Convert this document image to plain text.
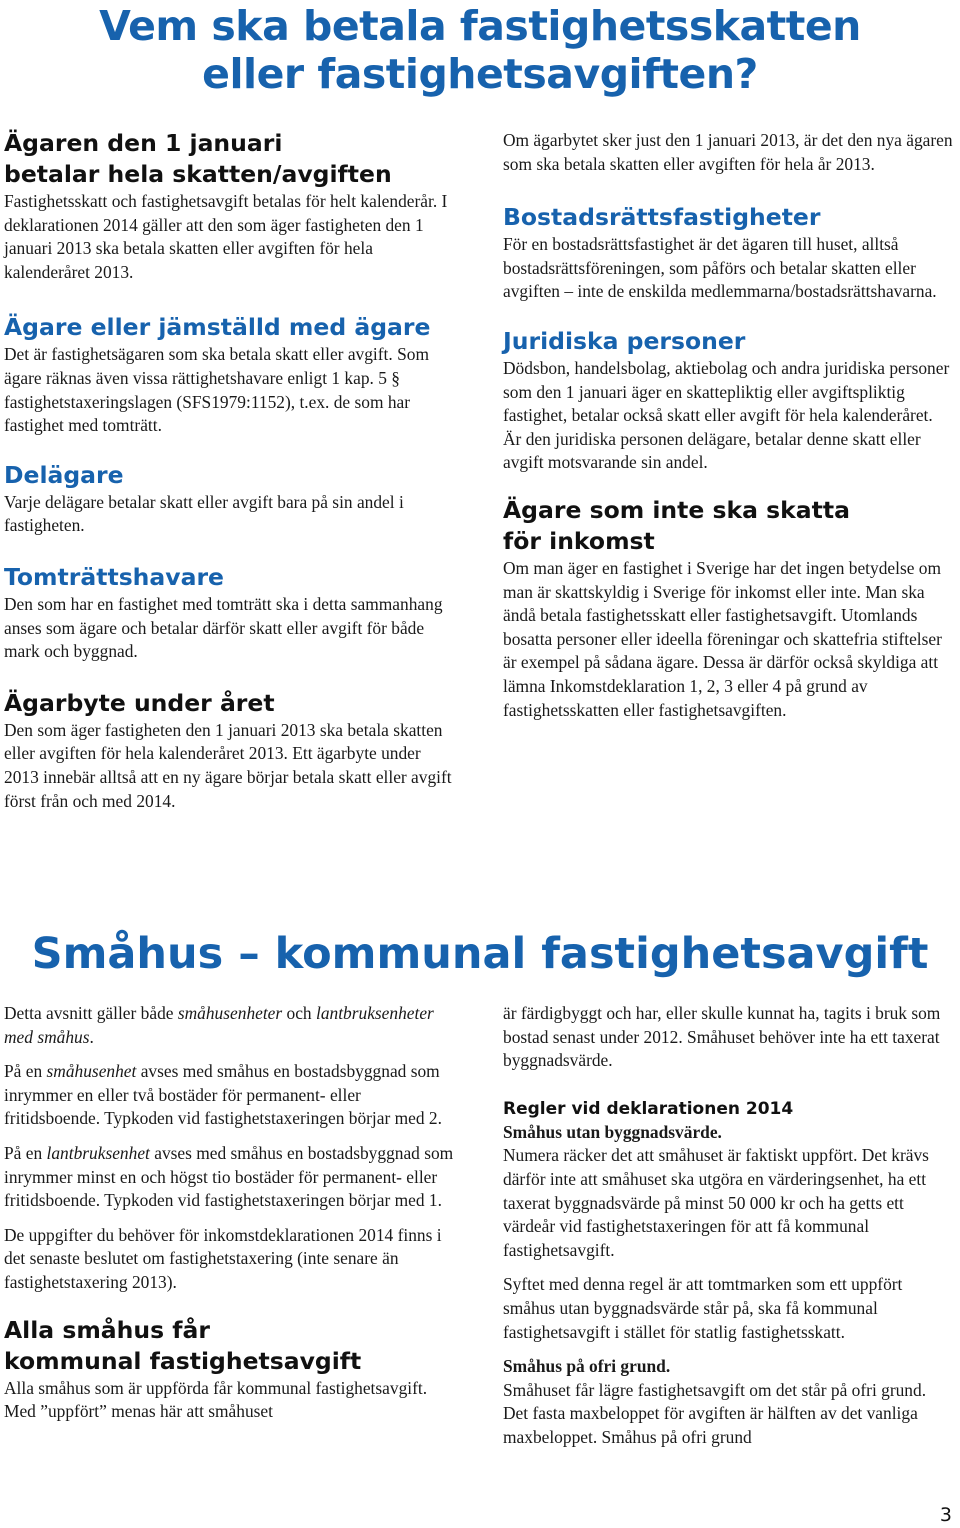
Vem ska betala fastighetsskatten
eller fastighetsavgiften?
Ägaren den 1 januari
betalar hela skatten/avgiften

Fastighetsskatt och fastighetsavgift betalas för helt kalenderår. I deklarationen 2014 gäller att den som äger fastigheten den 1 januari 2013 ska betala skatten eller avgiften för hela kalenderåret 2013.

Ägare eller jämställd med ägare

Det är fastighetsägaren som ska betala skatt eller avgift. Som ägare räknas även vissa rättighetshavare enligt 1 kap. 5 § fastighetstaxeringslagen (SFS1979:1152), t.ex. de som har fastighet med tomträtt.

Delägare

Varje delägare betalar skatt eller avgift bara på sin andel i fastigheten.

Tomträttshavare

Den som har en fastighet med tomträtt ska i detta sammanhang anses som ägare och betalar därför skatt eller avgift för både mark och byggnad.

Ägarbyte under året

Den som äger fastigheten den 1 januari 2013 ska betala skatten eller avgiften för hela kalenderåret 2013. Ett ägarbyte under 2013 innebär alltså att en ny ägare börjar betala skatt eller avgift först från och med 2014.

Om ägarbytet sker just den 1 januari 2013, är det den nya ägaren som ska betala skatten eller avgiften för hela år 2013.

Bostadsrättsfastigheter

För en bostadsrättsfastighet är det ägaren till huset, alltså bostadsrättsföreningen, som påförs och betalar skatten eller avgiften – inte de enskilda medlemmarna/bostadsrättshavarna.

Juridiska personer

Dödsbon, handelsbolag, aktiebolag och andra juridiska personer som den 1 januari äger en skattepliktig eller avgiftspliktig fastighet, betalar också skatt eller avgift för hela kalenderåret. Är den juridiska personen delägare, betalar denne skatt eller avgift motsvarande sin andel.

Ägare som inte ska skatta
för inkomst

Om man äger en fastighet i Sverige har det ingen betydelse om man är skattskyldig i Sverige för inkomst eller inte. Man ska ändå betala fastighetsskatt eller fastighetsavgift. Utomlands bosatta personer eller ideella föreningar och skattefria stiftelser är exempel på sådana ägare. Dessa är därför också skyldiga att lämna Inkomstdeklaration 1, 2, 3 eller 4 på grund av fastighetsskatten eller fastighetsavgiften.

Småhus – kommunal fastighetsavgift

Detta avsnitt gäller både småhusenheter och lantbruksenheter med småhus.

På en småhusenhet avses med småhus en bostadsbyggnad som inrymmer en eller två bostäder för permanent- eller fritidsboende. Typkoden vid fastighetstaxeringen börjar med 2.

På en lantbruksenhet avses med småhus en bostadsbyggnad som inrymmer minst en och högst tio bostäder för permanent- eller fritidsboende. Typkoden vid fastighetstaxeringen börjar med 1.

De uppgifter du behöver för inkomstdeklarationen 2014 finns i det senaste beslutet om fastighetstaxering (inte senare än fastighetstaxering 2013).

Alla småhus får
kommunal fastighetsavgift

Alla småhus som är uppförda får kommunal fastighetsavgift. Med ”uppfört” menas här att småhuset

är färdigbyggt och har, eller skulle kunnat ha, tagits i bruk som bostad senast under 2012. Småhuset behöver inte ha ett taxerat byggnadsvärde.

Regler vid deklarationen 2014

Småhus utan byggnadsvärde.

Numera räcker det att småhuset är faktiskt uppfört. Det krävs därför inte att småhuset ska utgöra en värderingsenhet, ha ett taxerat byggnadsvärde på minst 50 000 kr och ha getts ett värdeår vid fastighetstaxeringen för att få kommunal fastighetsavgift.

Syftet med denna regel är att tomtmarken som ett uppfört småhus utan byggnadsvärde står på, ska få kommunal fastighetsavgift i stället för statlig fastighetsskatt.

Småhus på ofri grund.

Småhuset får lägre fastighetsavgift om det står på ofri grund. Det fasta maxbeloppet för avgiften är hälften av det vanliga maxbeloppet. Småhus på ofri grund

3
